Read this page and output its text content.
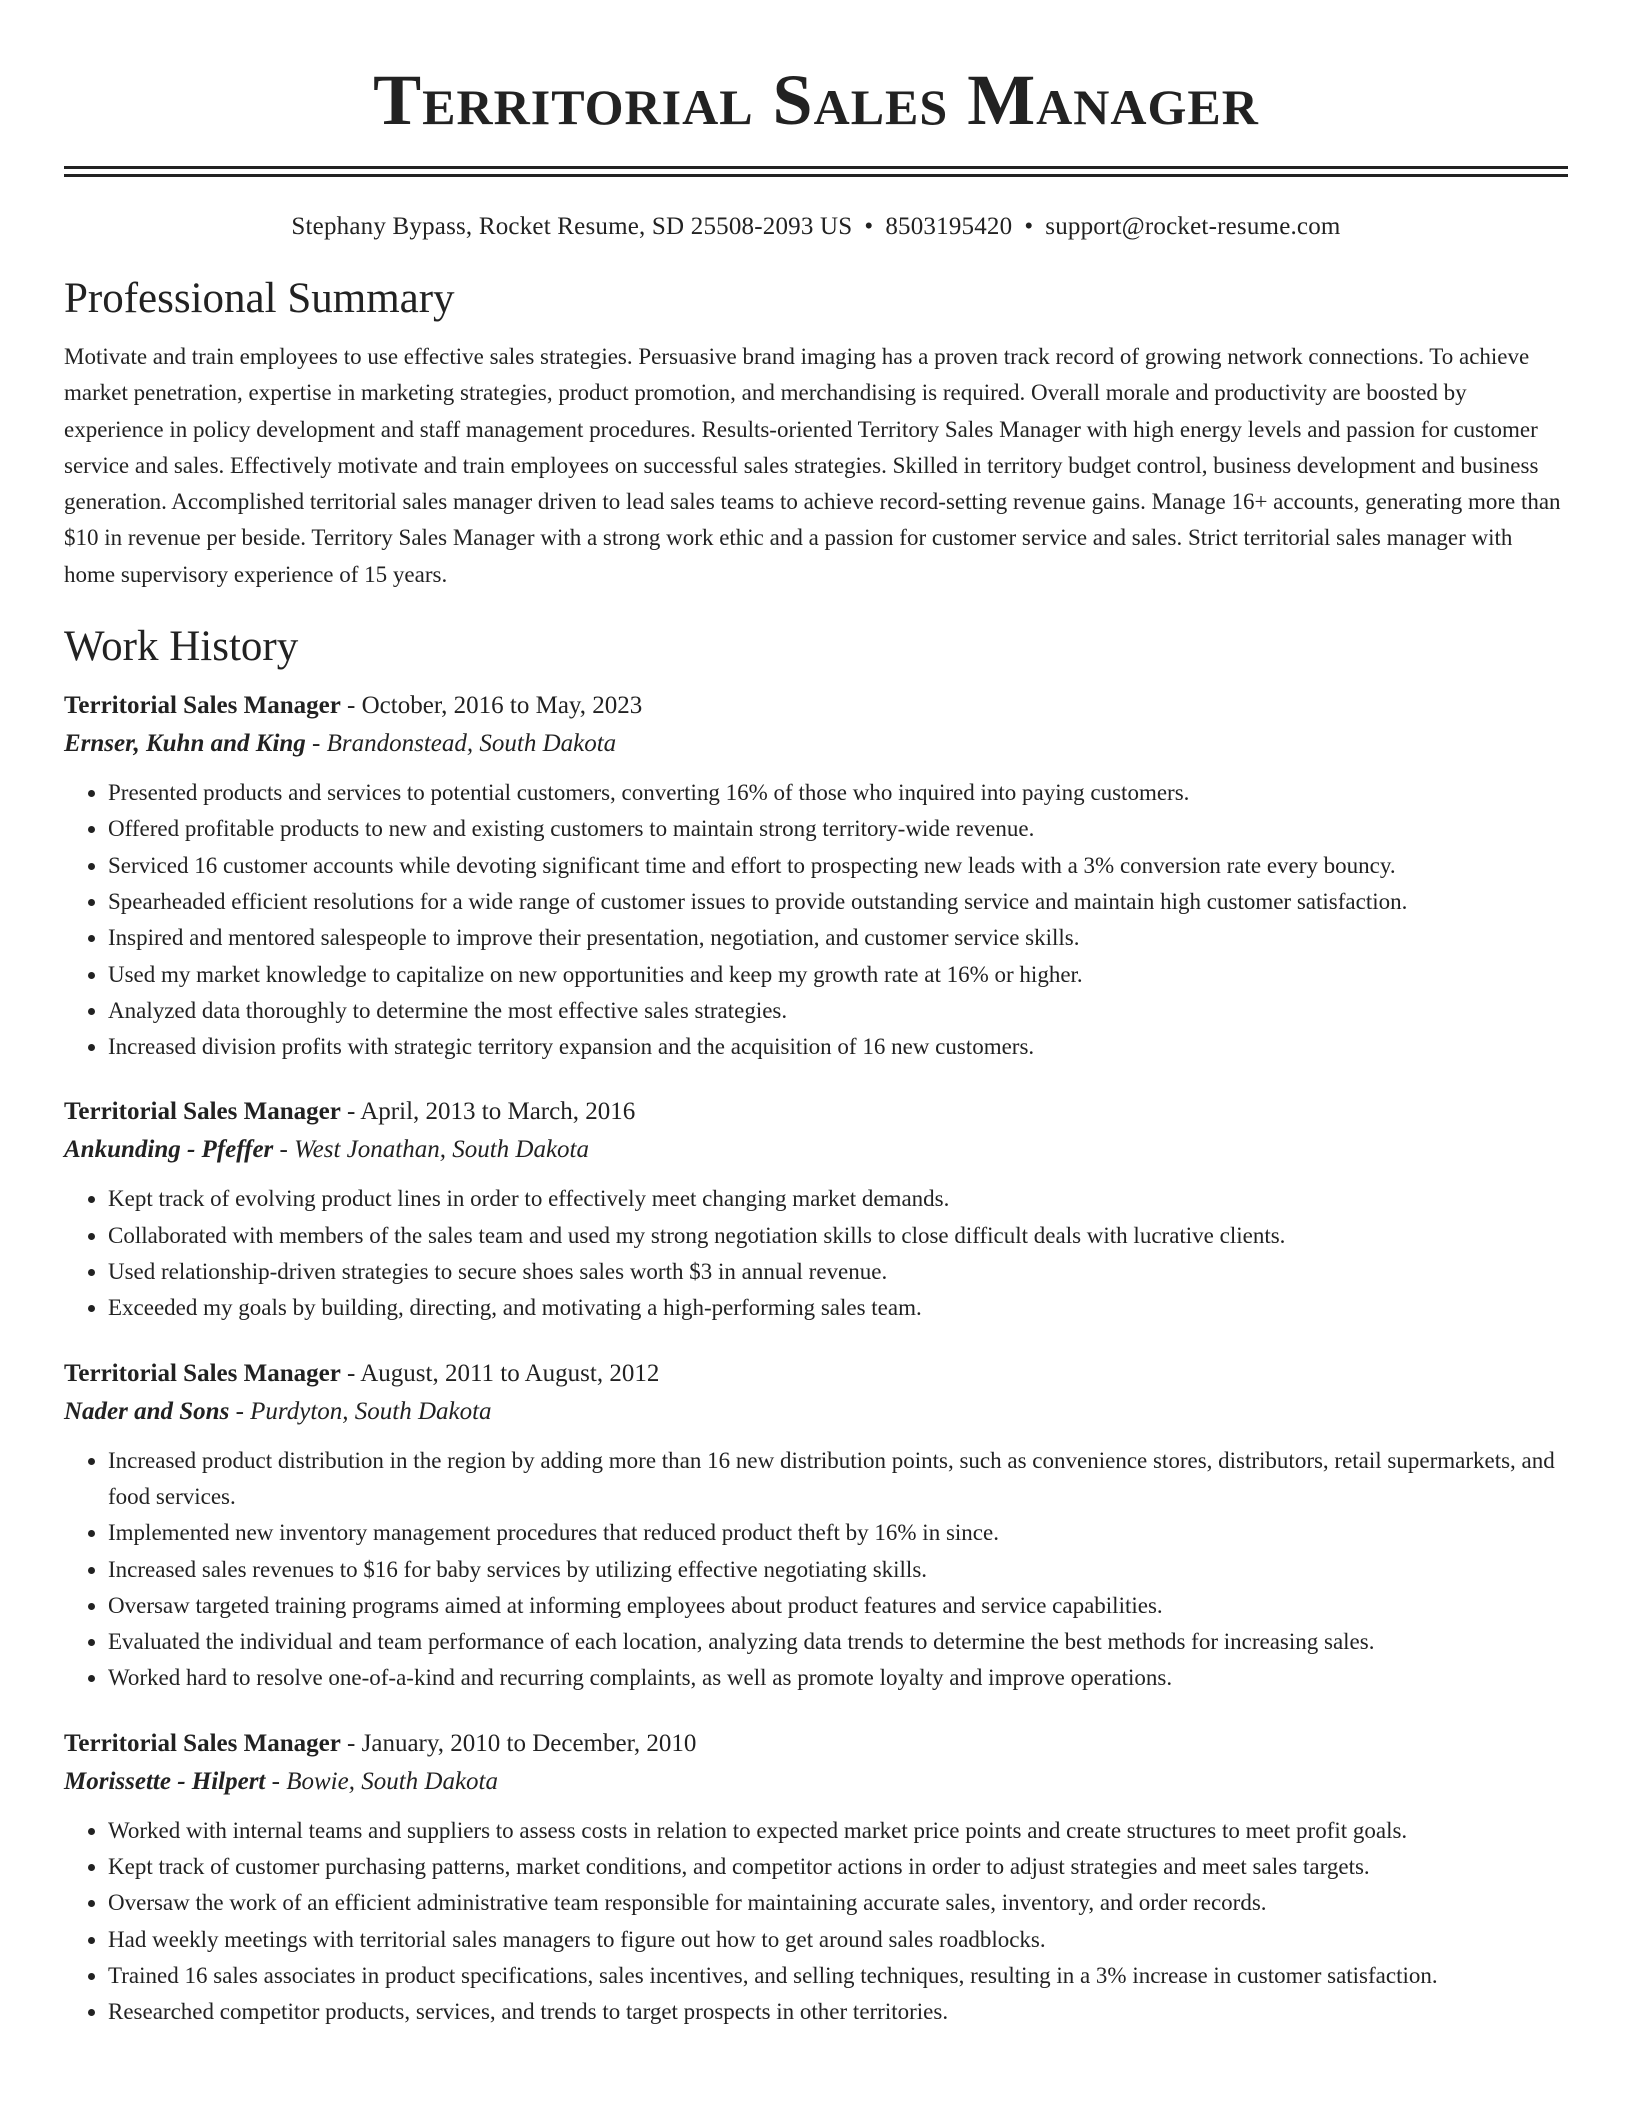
Territorial Sales Manager
Stephany Bypass, Rocket Resume, SD 25508-2093 US • 8503195420 • support@rocket-resume.com
Professional Summary

Motivate and train employees to use effective sales strategies. Persuasive brand imaging has a proven track record of growing network connections. To achieve market penetration, expertise in marketing strategies, product promotion, and merchandising is required. Overall morale and productivity are boosted by experience in policy development and staff management procedures. Results-oriented Territory Sales Manager with high energy levels and passion for customer service and sales. Effectively motivate and train employees on successful sales strategies. Skilled in territory budget control, business development and business generation. Accomplished territorial sales manager driven to lead sales teams to achieve record-setting revenue gains. Manage 16+ accounts, generating more than $10 in revenue per beside. Territory Sales Manager with a strong work ethic and a passion for customer service and sales. Strict territorial sales manager with home supervisory experience of 15 years.

Work History
Territorial Sales Manager - October, 2016 to May, 2023
Ernser, Kuhn and King - Brandonstead, South Dakota
• Presented products and services to potential customers, converting 16% of those who inquired into paying customers.
• Offered profitable products to new and existing customers to maintain strong territory-wide revenue.
• Serviced 16 customer accounts while devoting significant time and effort to prospecting new leads with a 3% conversion rate every bouncy.
• Spearheaded efficient resolutions for a wide range of customer issues to provide outstanding service and maintain high customer satisfaction.
• Inspired and mentored salespeople to improve their presentation, negotiation, and customer service skills.
• Used my market knowledge to capitalize on new opportunities and keep my growth rate at 16% or higher.
• Analyzed data thoroughly to determine the most effective sales strategies.
• Increased division profits with strategic territory expansion and the acquisition of 16 new customers.
Territorial Sales Manager - April, 2013 to March, 2016
Ankunding - Pfeffer - West Jonathan, South Dakota
• Kept track of evolving product lines in order to effectively meet changing market demands.
• Collaborated with members of the sales team and used my strong negotiation skills to close difficult deals with lucrative clients.
• Used relationship-driven strategies to secure shoes sales worth $3 in annual revenue.
• Exceeded my goals by building, directing, and motivating a high-performing sales team.
Territorial Sales Manager - August, 2011 to August, 2012
Nader and Sons - Purdyton, South Dakota
• Increased product distribution in the region by adding more than 16 new distribution points, such as convenience stores, distributors, retail supermarkets, and food services.
• Implemented new inventory management procedures that reduced product theft by 16% in since.
• Increased sales revenues to $16 for baby services by utilizing effective negotiating skills.
• Oversaw targeted training programs aimed at informing employees about product features and service capabilities.
• Evaluated the individual and team performance of each location, analyzing data trends to determine the best methods for increasing sales.
• Worked hard to resolve one-of-a-kind and recurring complaints, as well as promote loyalty and improve operations.
Territorial Sales Manager - January, 2010 to December, 2010
Morissette - Hilpert - Bowie, South Dakota
• Worked with internal teams and suppliers to assess costs in relation to expected market price points and create structures to meet profit goals.
• Kept track of customer purchasing patterns, market conditions, and competitor actions in order to adjust strategies and meet sales targets.
• Oversaw the work of an efficient administrative team responsible for maintaining accurate sales, inventory, and order records.
• Had weekly meetings with territorial sales managers to figure out how to get around sales roadblocks.
• Trained 16 sales associates in product specifications, sales incentives, and selling techniques, resulting in a 3% increase in customer satisfaction.
• Researched competitor products, services, and trends to target prospects in other territories.
